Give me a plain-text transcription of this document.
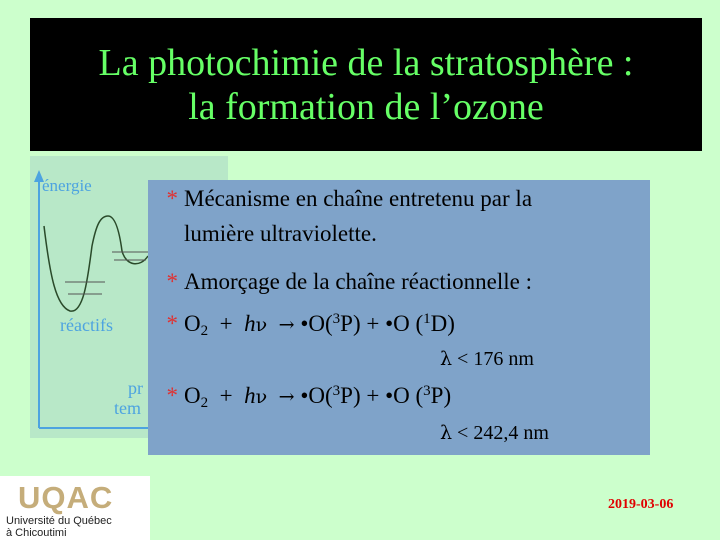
La photochimie de la stratosphère :
la formation de l’ozone
énergie
réactifs
pr
tem
* Mécanisme en chaîne entretenu par la
lumière ultraviolette.
* Amorçage de la chaîne réactionnelle :
* $O_2 + h\nu$ → •O($^3$P) + •O ($^1$D)
λ < 176 nm
* $O_2 + h\nu$ → •O($^3$P) + •O ($^3$P)
λ < 242,4 nm
UQAC
Université du Québec
à Chicoutimi
2019-03-06
